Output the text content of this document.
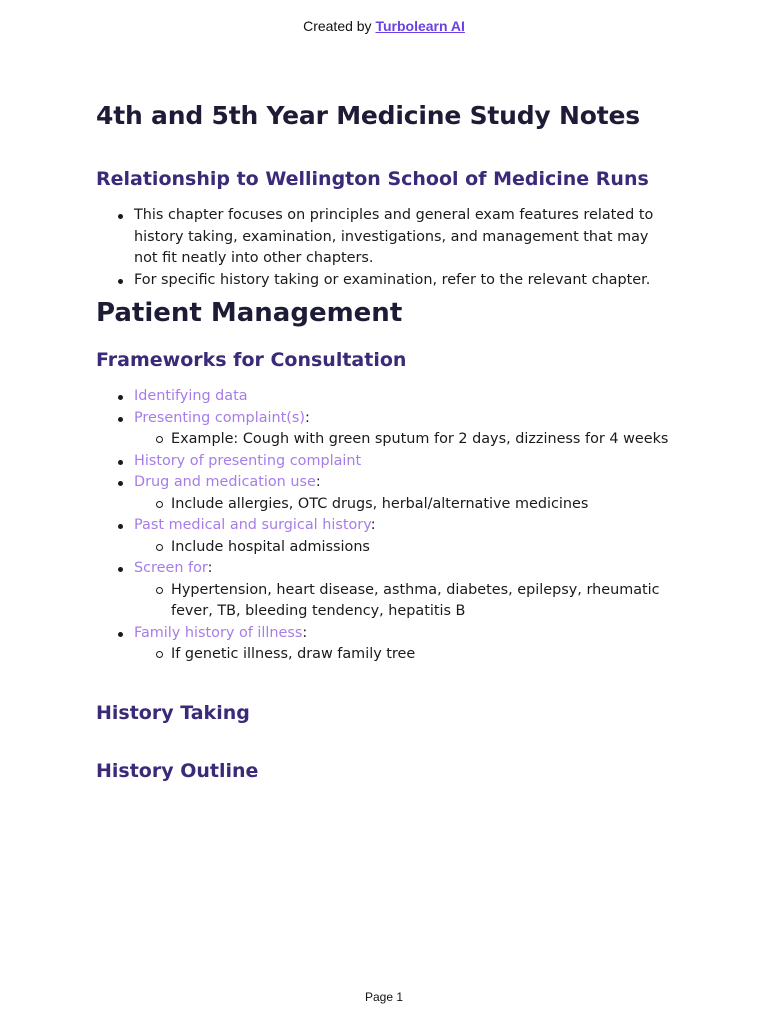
Created by Turbolearn AI
4th and 5th Year Medicine Study Notes
Relationship to Wellington School of Medicine Runs
This chapter focuses on principles and general exam features related to history taking, examination, investigations, and management that may not fit neatly into other chapters.
For specific history taking or examination, refer to the relevant chapter.
Patient Management
Frameworks for Consultation
Identifying data
Presenting complaint(s):
Example: Cough with green sputum for 2 days, dizziness for 4 weeks
History of presenting complaint
Drug and medication use:
Include allergies, OTC drugs, herbal/alternative medicines
Past medical and surgical history:
Include hospital admissions
Screen for:
Hypertension, heart disease, asthma, diabetes, epilepsy, rheumatic fever, TB, bleeding tendency, hepatitis B
Family history of illness:
If genetic illness, draw family tree
History Taking
History Outline
Page 1
